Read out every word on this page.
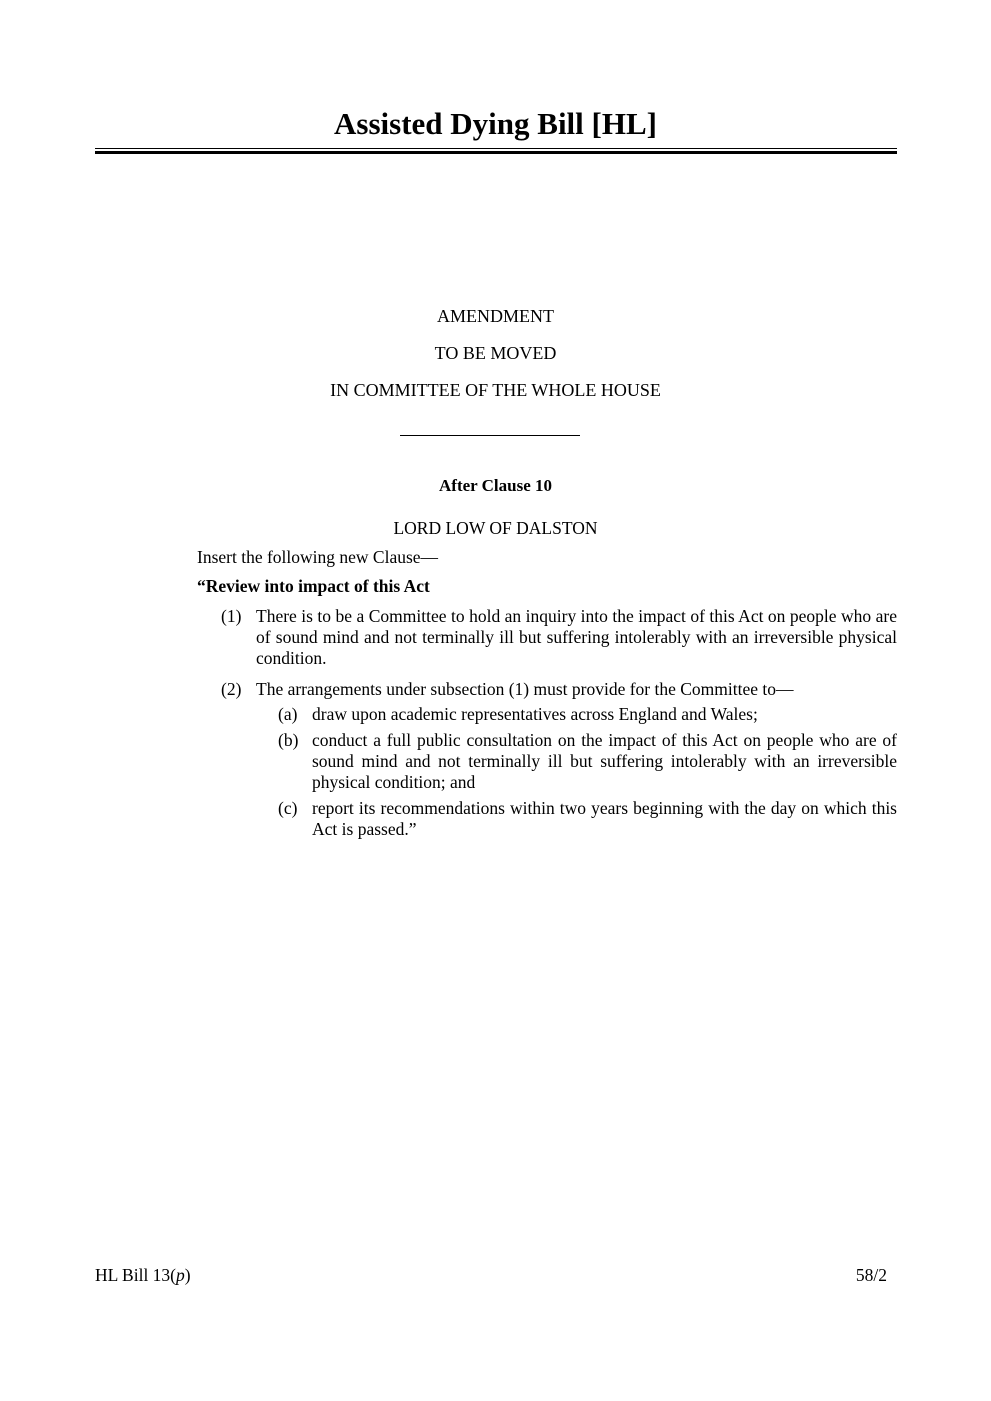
Assisted Dying Bill [HL]
AMENDMENT
TO BE MOVED
IN COMMITTEE OF THE WHOLE HOUSE
After Clause 10
LORD LOW OF DALSTON
Insert the following new Clause—
“Review into impact of this Act
(1) There is to be a Committee to hold an inquiry into the impact of this Act on people who are of sound mind and not terminally ill but suffering intolerably with an irreversible physical condition.
(2) The arrangements under subsection (1) must provide for the Committee to—
(a) draw upon academic representatives across England and Wales;
(b) conduct a full public consultation on the impact of this Act on people who are of sound mind and not terminally ill but suffering intolerably with an irreversible physical condition; and
(c) report its recommendations within two years beginning with the day on which this Act is passed.”
HL Bill 13(p)	58/2
